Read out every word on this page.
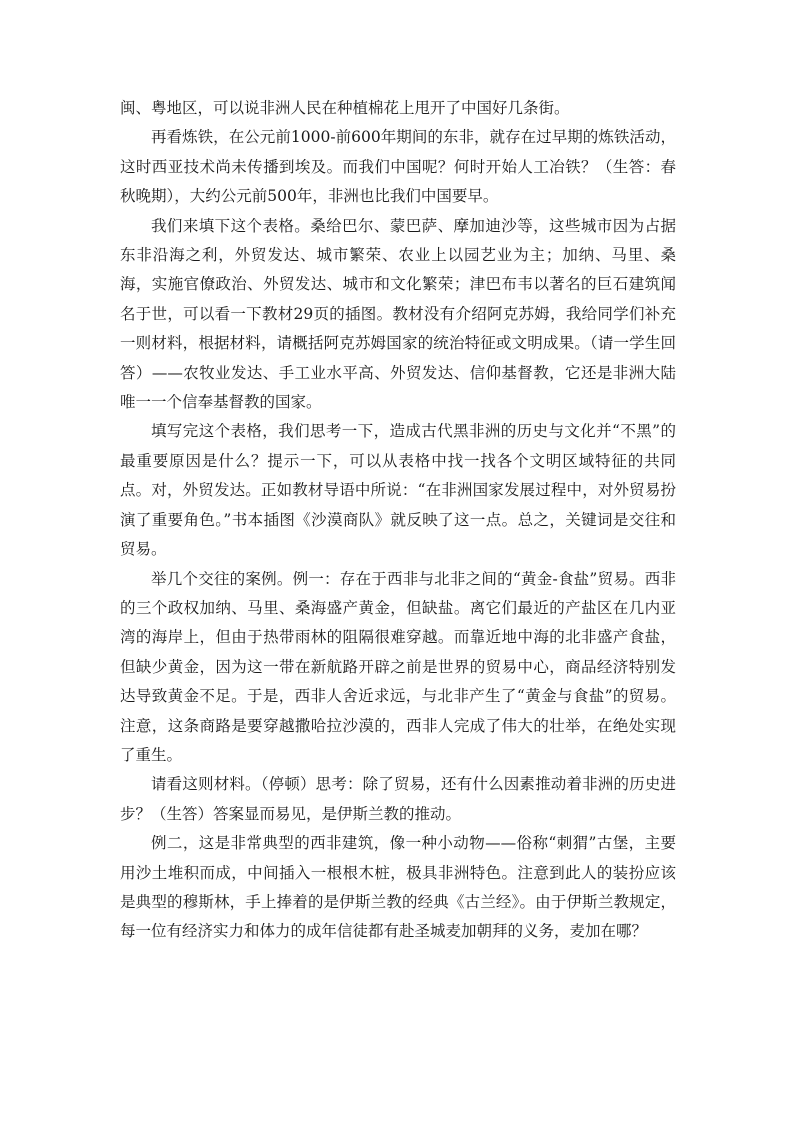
闽、粤地区，可以说非洲人民在种植棉花上甩开了中国好几条街。

再看炼铁，在公元前1000-前600年期间的东非，就存在过早期的炼铁活动，这时西亚技术尚未传播到埃及。而我们中国呢？何时开始人工冶铁？（生答：春秋晚期），大约公元前500年，非洲也比我们中国要早。

我们来填下这个表格。桑给巴尔、蒙巴萨、摩加迪沙等，这些城市因为占据东非沿海之利，外贸发达、城市繁荣、农业上以园艺业为主；加纳、马里、桑海，实施官僚政治、外贸发达、城市和文化繁荣；津巴布韦以著名的巨石建筑闻名于世，可以看一下教材29页的插图。教材没有介绍阿克苏姆，我给同学们补充一则材料，根据材料，请概括阿克苏姆国家的统治特征或文明成果。（请一学生回答）——农牧业发达、手工业水平高、外贸发达、信仰基督教，它还是非洲大陆唯一一个信奉基督教的国家。

填写完这个表格，我们思考一下，造成古代黑非洲的历史与文化并“不黑”的最重要原因是什么？提示一下，可以从表格中找一找各个文明区域特征的共同点。对，外贸发达。正如教材导语中所说：“在非洲国家发展过程中，对外贸易扮演了重要角色。”书本插图《沙漠商队》就反映了这一点。总之，关键词是交往和贸易。

举几个交往的案例。例一：存在于西非与北非之间的“黄金-食盐”贸易。西非的三个政权加纳、马里、桑海盛产黄金，但缺盐。离它们最近的产盐区在几内亚湾的海岸上，但由于热带雨林的阻隔很难穿越。而靠近地中海的北非盛产食盐，但缺少黄金，因为这一带在新航路开辟之前是世界的贸易中心，商品经济特别发达导致黄金不足。于是，西非人舍近求远，与北非产生了“黄金与食盐”的贸易。注意，这条商路是要穿越撒哈拉沙漠的，西非人完成了伟大的壮举，在绝处实现了重生。

请看这则材料。（停顿）思考：除了贸易，还有什么因素推动着非洲的历史进步？（生答）答案显而易见，是伊斯兰教的推动。

例二，这是非常典型的西非建筑，像一种小动物——俗称“刺猬”古堡，主要用沙土堆积而成，中间插入一根根木桩，极具非洲特色。注意到此人的装扮应该是典型的穆斯林，手上捧着的是伊斯兰教的经典《古兰经》。由于伊斯兰教规定，每一位有经济实力和体力的成年信徒都有赴圣城麦加朝拜的义务，麦加在哪？
